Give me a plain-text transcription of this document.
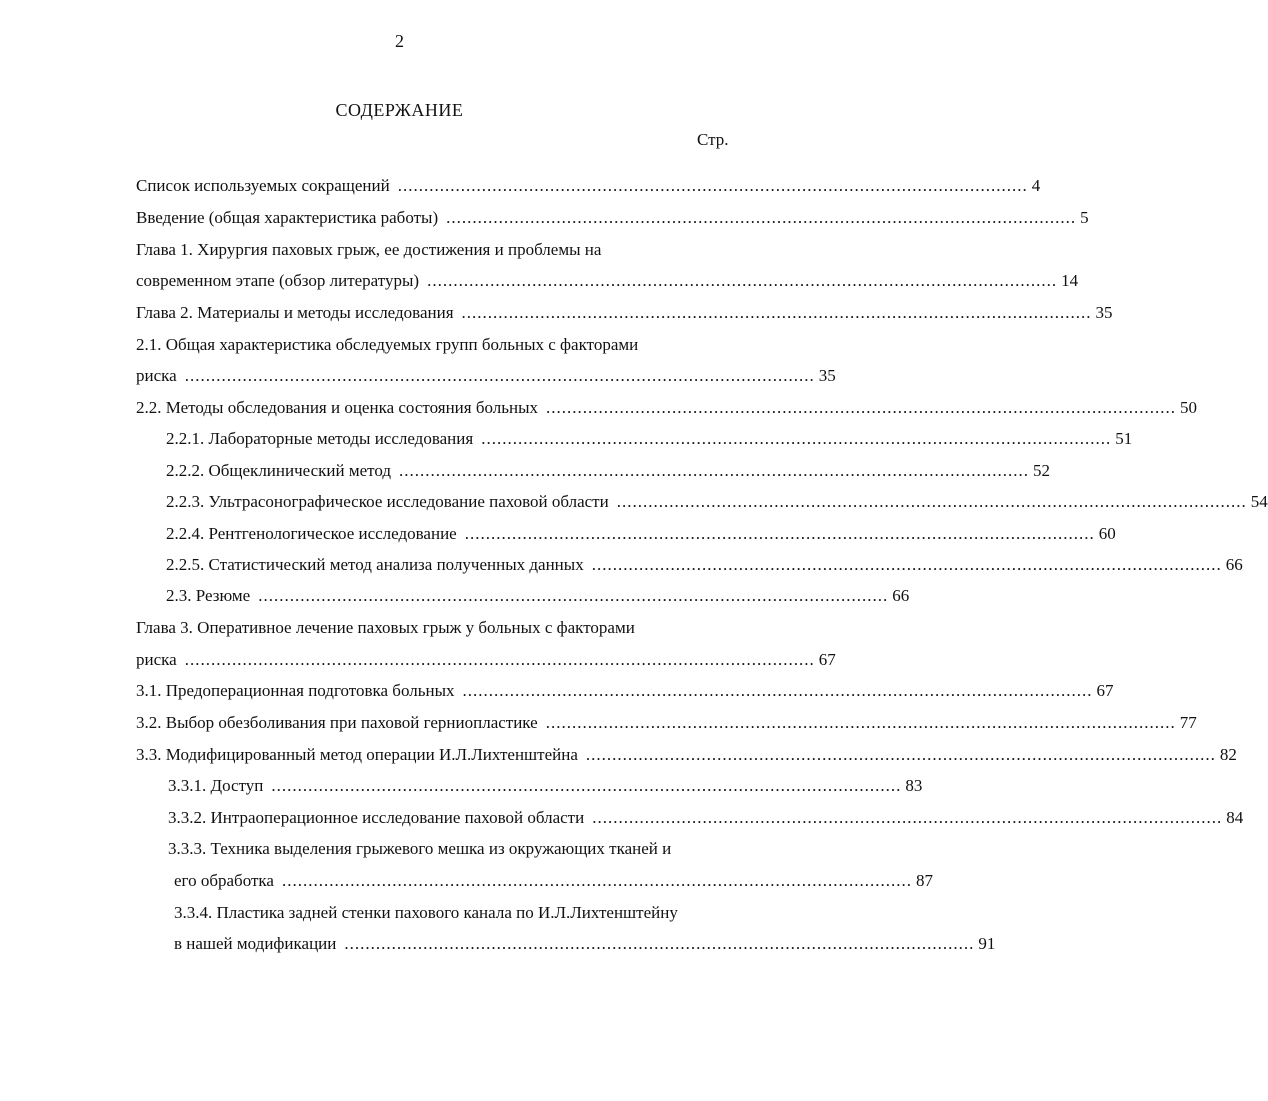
2
СОДЕРЖАНИЕ
Стр.
Список используемых сокращений ........................................................................................................................ 4
Введение (общая характеристика работы) ........................................................................................................................ 5
Глава 1. Хирургия паховых грыж, ее достижения и проблемы на
современном этапе (обзор литературы) ........................................................................................................................ 14
Глава 2. Материалы и методы исследования ........................................................................................................................ 35
2.1. Общая характеристика обследуемых групп больных с факторами
риска ........................................................................................................................ 35
2.2. Методы обследования и оценка состояния больных ........................................................................................................................ 50
2.2.1. Лабораторные методы исследования ........................................................................................................................ 51
2.2.2. Общеклинический метод ........................................................................................................................ 52
2.2.3. Ультрасонографическое исследование паховой области ........................................................................................................................ 54
2.2.4. Рентгенологическое исследование ........................................................................................................................ 60
2.2.5. Статистический метод анализа полученных данных ........................................................................................................................ 66
2.3. Резюме ........................................................................................................................ 66
Глава 3. Оперативное лечение паховых грыж у больных с факторами
риска ........................................................................................................................ 67
3.1. Предоперационная подготовка больных ........................................................................................................................ 67
3.2. Выбор обезболивания при паховой герниопластике ........................................................................................................................ 77
3.3. Модифицированный метод операции И.Л.Лихтенштейна ........................................................................................................................ 82
3.3.1. Доступ ........................................................................................................................ 83
3.3.2. Интраоперационное исследование паховой области ........................................................................................................................ 84
3.3.3. Техника выделения грыжевого мешка из окружающих тканей и
его обработка ........................................................................................................................ 87
3.3.4. Пластика задней стенки пахового канала по И.Л.Лихтенштейну
в нашей модификации ........................................................................................................................ 91
